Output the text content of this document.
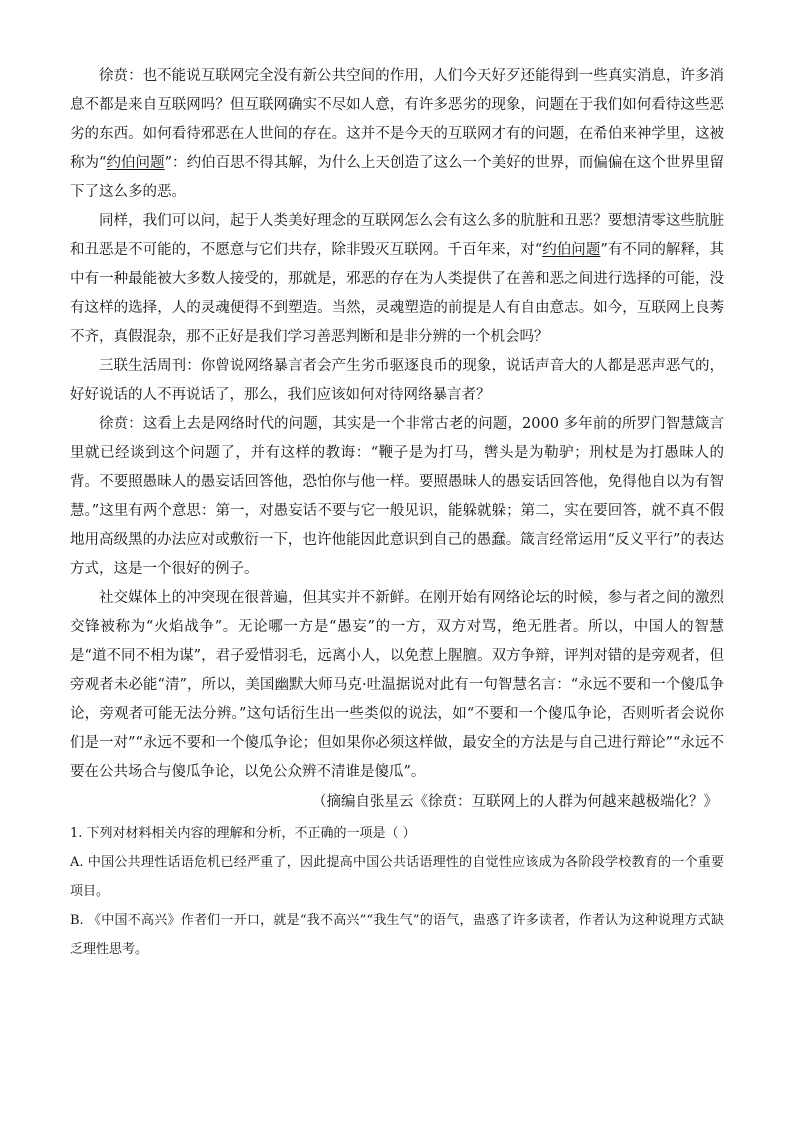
徐贲：也不能说互联网完全没有新公共空间的作用，人们今天好歹还能得到一些真实消息，许多消息不都是来自互联网吗？但互联网确实不尽如人意，有许多恶劣的现象，问题在于我们如何看待这些恶劣的东西。如何看待邪恶在人世间的存在。这并不是今天的互联网才有的问题，在希伯来神学里，这被称为“约伯问题”：约伯百思不得其解，为什么上天创造了这么一个美好的世界，而偏偏在这个世界里留下了这么多的恶。

同样，我们可以问，起于人类美好理念的互联网怎么会有这么多的肮脏和丑恶？要想清零这些肮脏和丑恶是不可能的，不愿意与它们共存，除非毁灭互联网。千百年来，对“约伯问题”有不同的解释，其中有一种最能被大多数人接受的，那就是，邪恶的存在为人类提供了在善和恶之间进行选择的可能，没有这样的选择，人的灵魂便得不到塑造。当然，灵魂塑造的前提是人有自由意志。如今，互联网上良莠不齐，真假混杂，那不正好是我们学习善恶判断和是非分辨的一个机会吗？

三联生活周刊：你曾说网络暴言者会产生劣币驱逐良币的现象，说话声音大的人都是恶声恶气的，好好说话的人不再说话了，那么，我们应该如何对待网络暴言者？

徐贲：这看上去是网络时代的问题，其实是一个非常古老的问题，2000 多年前的所罗门智慧箴言里就已经谈到这个问题了，并有这样的教诲：“鞭子是为打马，辔头是为勒驴；刑杖是为打愚昧人的背。不要照愚昧人的愚妄话回答他，恐怕你与他一样。要照愚昧人的愚妄话回答他，免得他自以为有智慧。”这里有两个意思：第一，对愚妄话不要与它一般见识，能躲就躲；第二，实在要回答，就不真不假地用高级黑的办法应对或敷衍一下，也许他能因此意识到自己的愚蠢。箴言经常运用“反义平行”的表达方式，这是一个很好的例子。

社交媒体上的冲突现在很普遍，但其实并不新鲜。在刚开始有网络论坛的时候，参与者之间的激烈交锋被称为“火焰战争”。无论哪一方是“愚妄”的一方，双方对骂，绝无胜者。所以，中国人的智慧是“道不同不相为谋”，君子爱惜羽毛，远离小人，以免惹上腥膻。双方争辩，评判对错的是旁观者，但旁观者未必能“清”，所以，美国幽默大师马克·吐温据说对此有一句智慧名言：“永远不要和一个傻瓜争论，旁观者可能无法分辨。”这句话衍生出一些类似的说法，如“不要和一个傻瓜争论，否则听者会说你们是一对”“永远不要和一个傻瓜争论；但如果你必须这样做，最安全的方法是与自己进行辩论”“永远不要在公共场合与傻瓜争论，以免公众辨不清谁是傻瓜”。

（摘编自张星云《徐贲：互联网上的人群为何越来越极端化？》

1. 下列对材料相关内容的理解和分析，不正确的一项是（ ）

A. 中国公共理性话语危机已经严重了，因此提高中国公共话语理性的自觉性应该成为各阶段学校教育的一个重要项目。

B. 《中国不高兴》作者们一开口，就是“我不高兴”“我生气”的语气，蛊惑了许多读者，作者认为这种说理方式缺乏理性思考。
